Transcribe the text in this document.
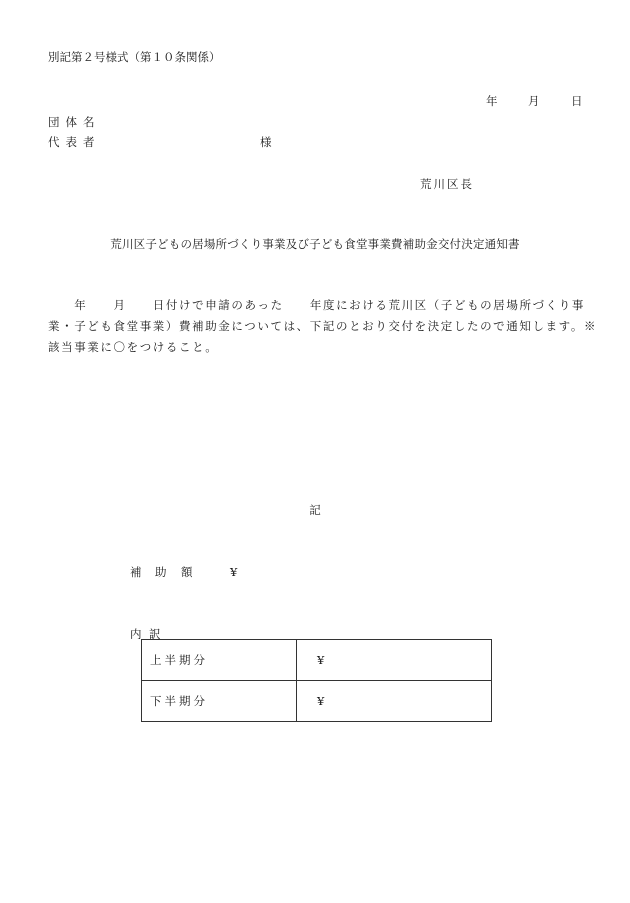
別記第２号様式（第１０条関係）
年	月	日
団体名
代表者	様
荒川区長
荒川区子どもの居場所づくり事業及び子ども食堂事業費補助金交付決定通知書
　　年　　月　　日付けで申請のあった　　年度における荒川区（子どもの居場所づくり事業・子ども食堂事業）費補助金については、下記のとおり交付を決定したので通知します。※該当事業に〇をつけること。
記
補 助 額	¥
内 訳
上半期分	¥
下半期分	¥
